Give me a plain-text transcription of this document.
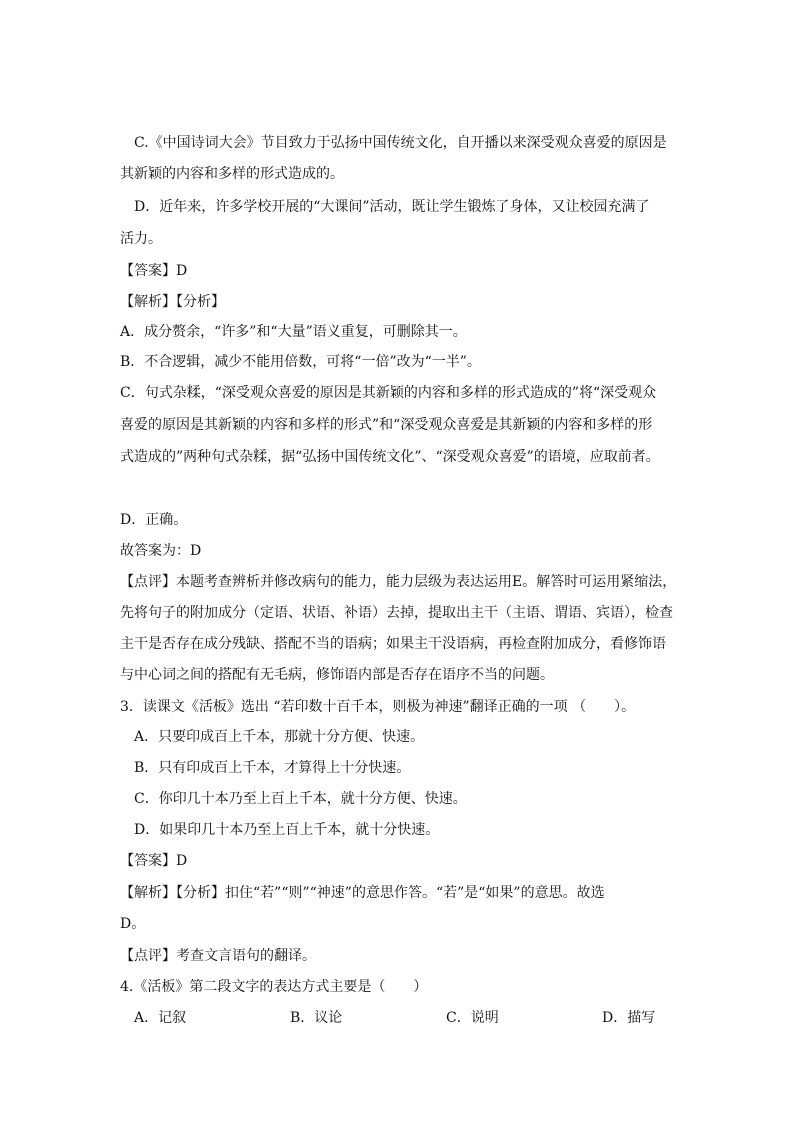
C.《中国诗词大会》节目致力于弘扬中国传统文化，自开播以来深受观众喜爱的原因是
其新颖的内容和多样的形式造成的。
D．近年来，许多学校开展的“大课间”活动，既让学生锻炼了身体，又让校园充满了
活力。
【答案】D
【解析】【分析】
A．成分赘余，“许多”和“大量”语义重复，可删除其一。
B．不合逻辑，减少不能用倍数，可将“一倍”改为“一半”。
C．句式杂糅，“深受观众喜爱的原因是其新颖的内容和多样的形式造成的”将“深受观众
喜爱的原因是其新颖的内容和多样的形式”和“深受观众喜爱是其新颖的内容和多样的形
式造成的”两种句式杂糅，据“弘扬中国传统文化”、“深受观众喜爱”的语境，应取前者。
D．正确。
故答案为：D
【点评】本题考查辨析并修改病句的能力，能力层级为表达运用E。解答时可运用紧缩法，
先将句子的附加成分（定语、状语、补语）去掉，提取出主干（主语、谓语、宾语），检查
主干是否存在成分残缺、搭配不当的语病；如果主干没语病，再检查附加成分，看修饰语
与中心词之间的搭配有无毛病，修饰语内部是否存在语序不当的问题。
3．读课文《活板》选出 “若印数十百千本，则极为神速”翻译正确的一项 （　　）。
A．只要印成百上千本，那就十分方便、快速。
B．只有印成百上千本，才算得上十分快速。
C．你印几十本乃至上百上千本，就十分方便、快速。
D．如果印几十本乃至上百上千本，就十分快速。
【答案】D
【解析】【分析】扣住“若”“则”“神速”的意思作答。“若”是“如果”的意思。故选
D。
【点评】考查文言语句的翻译。
4.《活板》第二段文字的表达方式主要是（　　）
A．记叙	B．议论	C．说明	D．描写
